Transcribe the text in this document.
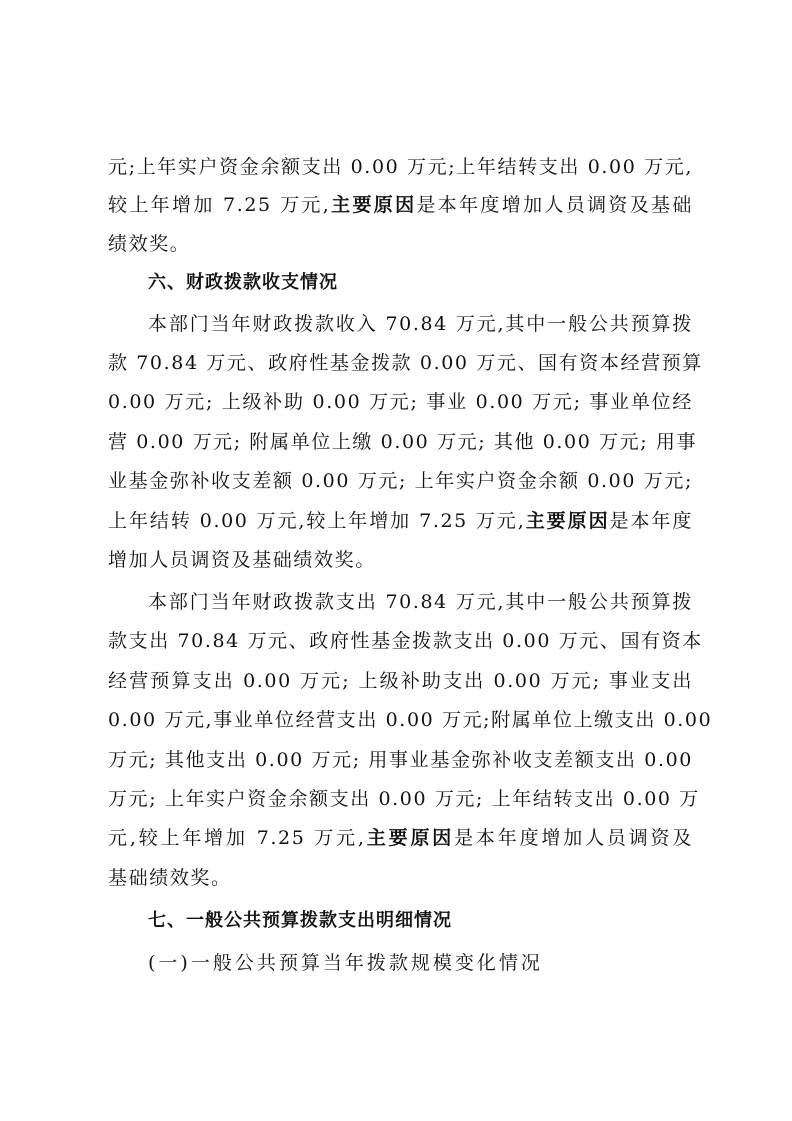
元;上年实户资金余额支出 0.00 万元;上年结转支出 0.00 万元,
较上年增加 7.25 万元,主要原因是本年度增加人员调资及基础
绩效奖。
六、财政拨款收支情况
本部门当年财政拨款收入 70.84 万元,其中一般公共预算拨
款 70.84 万元、政府性基金拨款 0.00 万元、国有资本经营预算
0.00 万元; 上级补助 0.00 万元; 事业 0.00 万元; 事业单位经
营 0.00 万元; 附属单位上缴 0.00 万元; 其他 0.00 万元; 用事
业基金弥补收支差额 0.00 万元; 上年实户资金余额 0.00 万元;
上年结转 0.00 万元,较上年增加 7.25 万元,主要原因是本年度
增加人员调资及基础绩效奖。
本部门当年财政拨款支出 70.84 万元,其中一般公共预算拨
款支出 70.84 万元、政府性基金拨款支出 0.00 万元、国有资本
经营预算支出 0.00 万元; 上级补助支出 0.00 万元; 事业支出
0.00 万元,事业单位经营支出 0.00 万元;附属单位上缴支出 0.00
万元; 其他支出 0.00 万元; 用事业基金弥补收支差额支出 0.00
万元; 上年实户资金余额支出 0.00 万元; 上年结转支出 0.00 万
元,较上年增加 7.25 万元,主要原因是本年度增加人员调资及
基础绩效奖。
七、一般公共预算拨款支出明细情况
(一)一般公共预算当年拨款规模变化情况
